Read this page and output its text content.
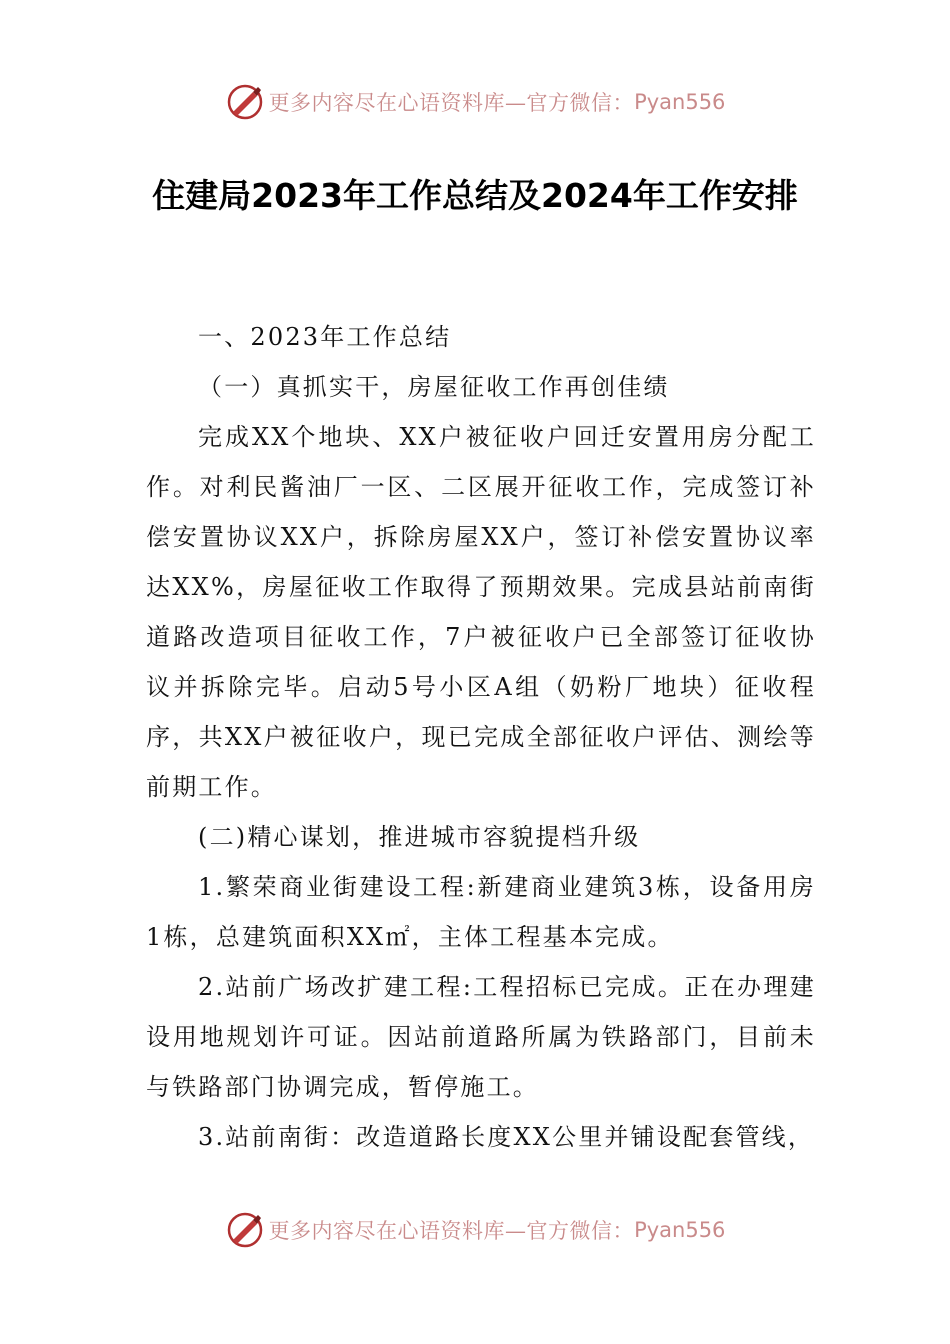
更多内容尽在心语资料库—官方微信： Pyan556
住建局2023年工作总结及2024年工作安排

一、2023年工作总结

（一）真抓实干，房屋征收工作再创佳绩

完成XX个地块、XX户被征收户回迁安置用房分配工作。对利民酱油厂一区、二区展开征收工作，完成签订补偿安置协议XX户，拆除房屋XX户，签订补偿安置协议率达XX%，房屋征收工作取得了预期效果。完成县站前南街道路改造项目征收工作，7户被征收户已全部签订征收协议并拆除完毕。启动5号小区A组（奶粉厂地块）征收程序，共XX户被征收户，现已完成全部征收户评估、测绘等前期工作。

(二)精心谋划，推进城市容貌提档升级

1.繁荣商业街建设工程:新建商业建筑3栋，设备用房1栋，总建筑面积XX㎡，主体工程基本完成。

2.站前广场改扩建工程:工程招标已完成。正在办理建设用地规划许可证。因站前道路所属为铁路部门，目前未与铁路部门协调完成，暂停施工。

3.站前南街：改造道路长度XX公里并铺设配套管线，

更多内容尽在心语资料库—官方微信： Pyan556
